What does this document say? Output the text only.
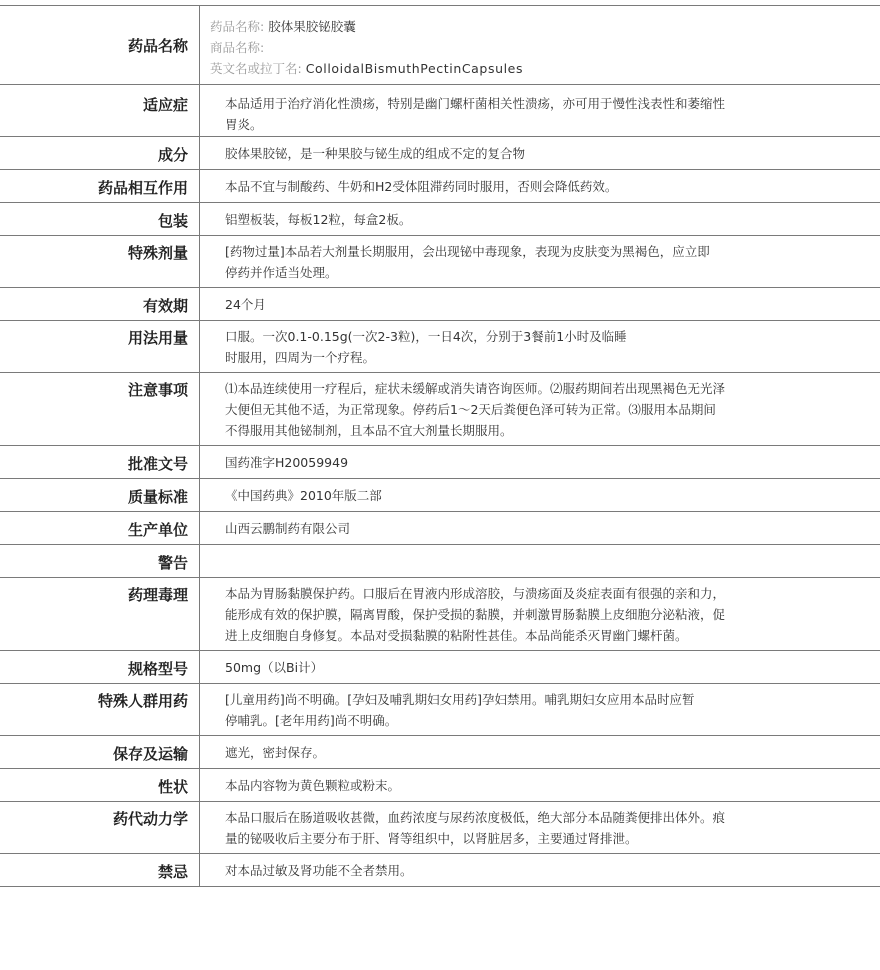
药品名称
药品名称: 胶体果胶铋胶囊
商品名称:
英文名或拉丁名: ColloidalBismuthPectinCapsules
适应症	本品适用于治疗消化性溃疡，特别是幽门螺杆菌相关性溃疡，亦可用于慢性浅表性和萎缩性
胃炎。
成分	胶体果胶铋，是一种果胶与铋生成的组成不定的复合物
药品相互作用	本品不宜与制酸药、牛奶和H2受体阻滞药同时服用，否则会降低药效。
包装	铝塑板装，每板12粒，每盒2板。
特殊剂量	[药物过量]本品若大剂量长期服用，会出现铋中毒现象，表现为皮肤变为黑褐色，应立即
停药并作适当处理。
有效期	24个月
用法用量	口服。一次0.1-0.15g(一次2-3粒)，一日4次，分别于3餐前1小时及临睡
时服用，四周为一个疗程。
注意事项	⑴本品连续使用一疗程后，症状未缓解或消失请咨询医师。⑵服药期间若出现黑褐色无光泽
大便但无其他不适，为正常现象。停药后1～2天后粪便色泽可转为正常。⑶服用本品期间
不得服用其他铋制剂，且本品不宜大剂量长期服用。
批准文号	国药准字H20059949
质量标准	《中国药典》2010年版二部
生产单位	山西云鹏制药有限公司
警告
药理毒理	本品为胃肠黏膜保护药。口服后在胃液内形成溶胶，与溃疡面及炎症表面有很强的亲和力，
能形成有效的保护膜，隔离胃酸，保护受损的黏膜，并刺激胃肠黏膜上皮细胞分泌粘液，促
进上皮细胞自身修复。本品对受损黏膜的粘附性甚佳。本品尚能杀灭胃幽门螺杆菌。
规格型号	50mg（以Bi计）
特殊人群用药	[儿童用药]尚不明确。[孕妇及哺乳期妇女用药]孕妇禁用。哺乳期妇女应用本品时应暂
停哺乳。[老年用药]尚不明确。
保存及运输	遮光，密封保存。
性状	本品内容物为黄色颗粒或粉末。
药代动力学	本品口服后在肠道吸收甚微，血药浓度与尿药浓度极低，绝大部分本品随粪便排出体外。痕
量的铋吸收后主要分布于肝、肾等组织中，以肾脏居多，主要通过肾排泄。
禁忌	对本品过敏及肾功能不全者禁用。
